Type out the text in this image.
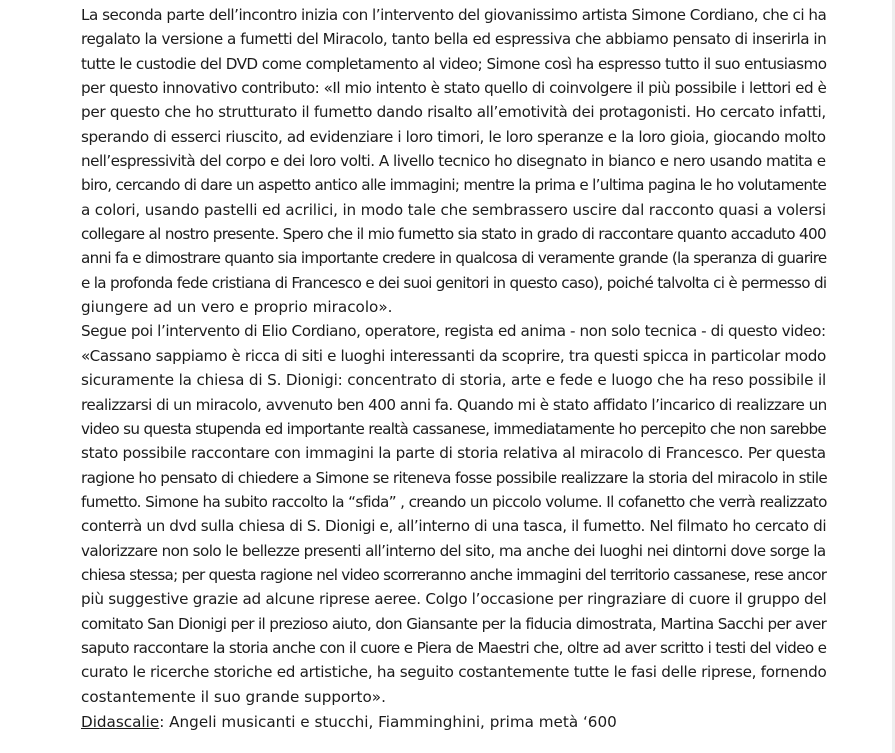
La seconda parte dell’incontro inizia con l’intervento del giovanissimo artista Simone Cordiano, che ci ha
regalato la versione a fumetti del Miracolo, tanto bella ed espressiva che abbiamo pensato di inserirla in
tutte le custodie del DVD come completamento al video; Simone così ha espresso tutto il suo entusiasmo
per questo innovativo contributo: «Il mio intento è stato quello di coinvolgere il più possibile i lettori ed è
per questo che ho strutturato il fumetto dando risalto all’emotività dei protagonisti. Ho cercato infatti,
sperando di esserci riuscito, ad evidenziare i loro timori, le loro speranze e la loro gioia, giocando molto
nell’espressività del corpo e dei loro volti. A livello tecnico ho disegnato in bianco e nero usando matita e
biro, cercando di dare un aspetto antico alle immagini; mentre la prima e l’ultima pagina le ho volutamente
a colori, usando pastelli ed acrilici, in modo tale che sembrassero uscire dal racconto quasi a volersi
collegare al nostro presente. Spero che il mio fumetto sia stato in grado di raccontare quanto accaduto 400
anni fa e dimostrare quanto sia importante credere in qualcosa di veramente grande (la speranza di guarire
e la profonda fede cristiana di Francesco e dei suoi genitori in questo caso), poiché talvolta ci è permesso di
giungere ad un vero e proprio miracolo».
Segue poi l’intervento di Elio Cordiano, operatore, regista ed anima - non solo tecnica - di questo video:
«Cassano sappiamo è ricca di siti e luoghi interessanti da scoprire, tra questi spicca in particolar modo
sicuramente la chiesa di S. Dionigi: concentrato di storia, arte e fede e luogo che ha reso possibile il
realizzarsi di un miracolo, avvenuto ben 400 anni fa. Quando mi è stato affidato l’incarico di realizzare un
video su questa stupenda ed importante realtà cassanese, immediatamente ho percepito che non sarebbe
stato possibile raccontare con immagini la parte di storia relativa al miracolo di Francesco. Per questa
ragione ho pensato di chiedere a Simone se riteneva fosse possibile realizzare la storia del miracolo in stile
fumetto. Simone ha subito raccolto la “sfida” , creando un piccolo volume. Il cofanetto che verrà realizzato
conterrà un dvd sulla chiesa di S. Dionigi e, all’interno di una tasca, il fumetto. Nel filmato ho cercato di
valorizzare non solo le bellezze presenti all’interno del sito, ma anche dei luoghi nei dintorni dove sorge la
chiesa stessa; per questa ragione nel video scorreranno anche immagini del territorio cassanese, rese ancor
più suggestive grazie ad alcune riprese aeree. Colgo l’occasione per ringraziare di cuore il gruppo del
comitato San Dionigi per il prezioso aiuto, don Giansante per la fiducia dimostrata, Martina Sacchi per aver
saputo raccontare la storia anche con il cuore e Piera de Maestri che, oltre ad aver scritto i testi del video e
curato le ricerche storiche ed artistiche, ha seguito costantemente tutte le fasi delle riprese, fornendo
costantemente il suo grande supporto».
Didascalie: Angeli musicanti e stucchi, Fiamminghini, prima metà ‘600
